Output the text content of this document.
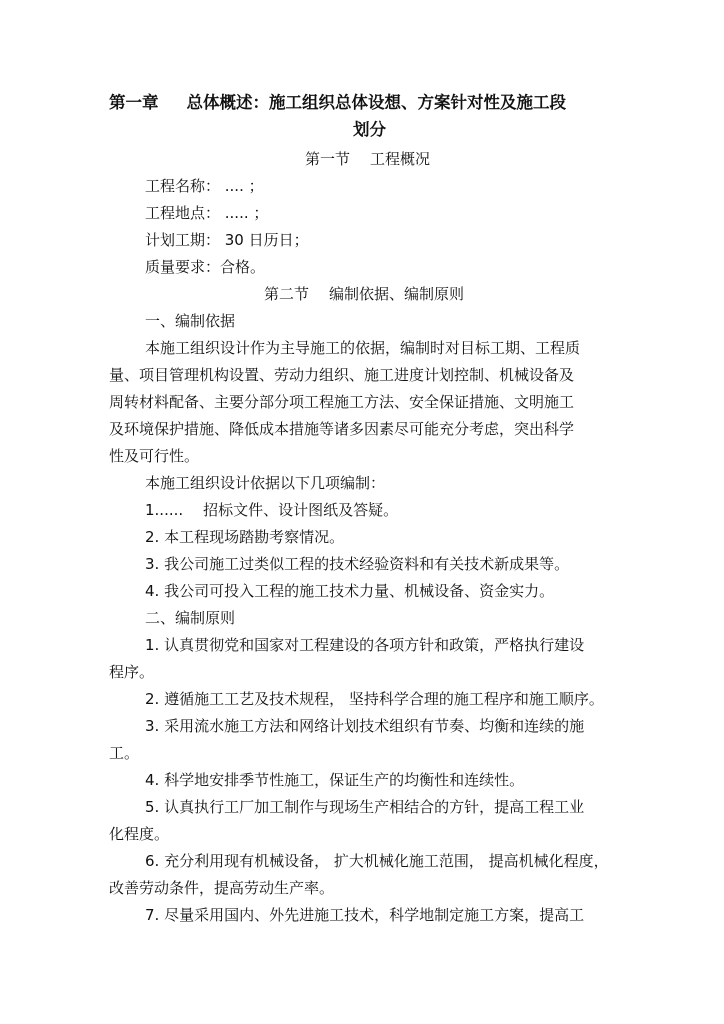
第一章 总体概述：施工组织总体设想、方案针对性及施工段
划分
第一节 工程概况
工程名称： .... ；
工程地点： ..... ；
计划工期： 30 日历日；
质量要求：合格。
第二节 编制依据、编制原则
一、编制依据
本施工组织设计作为主导施工的依据，编制时对目标工期、工程质
量、项目管理机构设置、劳动力组织、施工进度计划控制、机械设备及
周转材料配备、主要分部分项工程施工方法、安全保证措施、文明施工
及环境保护措施、降低成本措施等诸多因素尽可能充分考虑，突出科学
性及可行性。
本施工组织设计依据以下几项编制：
1...... 招标文件、设计图纸及答疑。
2. 本工程现场踏勘考察情况。
3. 我公司施工过类似工程的技术经验资料和有关技术新成果等。
4. 我公司可投入工程的施工技术力量、机械设备、资金实力。
二、编制原则
1. 认真贯彻党和国家对工程建设的各项方针和政策，严格执行建设
程序。
2. 遵循施工工艺及技术规程， 坚持科学合理的施工程序和施工顺序。
3. 采用流水施工方法和网络计划技术组织有节奏、均衡和连续的施
工。
4. 科学地安排季节性施工，保证生产的均衡性和连续性。
5. 认真执行工厂加工制作与现场生产相结合的方针，提高工程工业
化程度。
6. 充分利用现有机械设备， 扩大机械化施工范围， 提高机械化程度，
改善劳动条件，提高劳动生产率。
7. 尽量采用国内、外先进施工技术，科学地制定施工方案，提高工
